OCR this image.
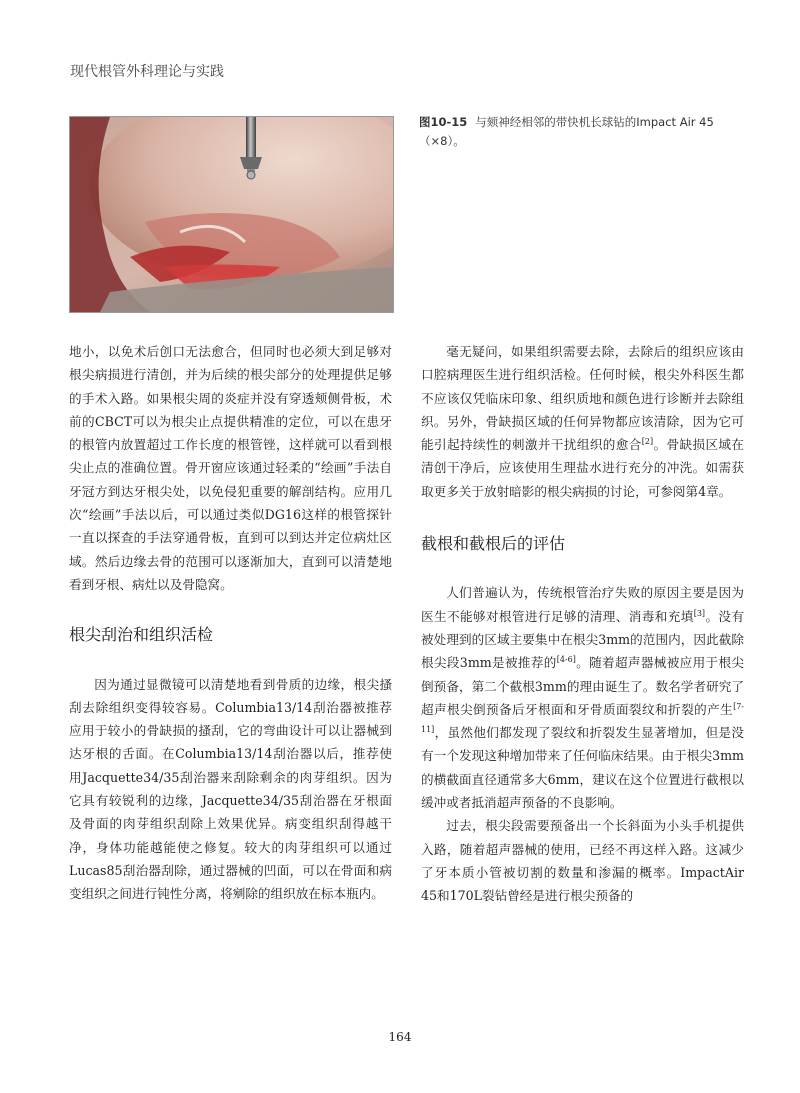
现代根管外科理论与实践
图10-15 与颏神经相邻的带快机长球钻的Impact Air 45（×8）。

地小，以免术后创口无法愈合，但同时也必须大到足够对根尖病损进行清创，并为后续的根尖部分的处理提供足够的手术入路。如果根尖周的炎症并没有穿透颊侧骨板，术前的CBCT可以为根尖止点提供精准的定位，可以在患牙的根管内放置超过工作长度的根管锉，这样就可以看到根尖止点的准确位置。骨开窗应该通过轻柔的“绘画”手法自牙冠方到达牙根尖处，以免侵犯重要的解剖结构。应用几次“绘画”手法以后，可以通过类似DG16这样的根管探针一直以探查的手法穿通骨板，直到可以到达并定位病灶区域。然后边缘去骨的范围可以逐渐加大，直到可以清楚地看到牙根、病灶以及骨隐窝。

根尖刮治和组织活检

因为通过显微镜可以清楚地看到骨质的边缘，根尖搔刮去除组织变得较容易。Columbia13/14刮治器被推荐应用于较小的骨缺损的搔刮，它的弯曲设计可以让器械到达牙根的舌面。在Columbia13/14刮治器以后，推荐使用Jacquette34/35刮治器来刮除剩余的肉芽组织。因为它具有较锐利的边缘，Jacquette34/35刮治器在牙根面及骨面的肉芽组织刮除上效果优异。病变组织刮得越干净，身体功能越能使之修复。较大的肉芽组织可以通过Lucas85刮治器刮除，通过器械的凹面，可以在骨面和病变组织之间进行钝性分离，将剜除的组织放在标本瓶内。

毫无疑问，如果组织需要去除，去除后的组织应该由口腔病理医生进行组织活检。任何时候，根尖外科医生都不应该仅凭临床印象、组织质地和颜色进行诊断并去除组织。另外，骨缺损区域的任何异物都应该清除，因为它可能引起持续性的刺激并干扰组织的愈合[2]。骨缺损区域在清创干净后，应该使用生理盐水进行充分的冲洗。如需获取更多关于放射暗影的根尖病损的讨论，可参阅第4章。

截根和截根后的评估

人们普遍认为，传统根管治疗失败的原因主要是因为医生不能够对根管进行足够的清理、消毒和充填[3]。没有被处理到的区域主要集中在根尖3mm的范围内，因此截除根尖段3mm是被推荐的[4-6]。随着超声器械被应用于根尖倒预备，第二个截根3mm的理由诞生了。数名学者研究了超声根尖倒预备后牙根面和牙骨质面裂纹和折裂的产生[7-11]，虽然他们都发现了裂纹和折裂发生显著增加，但是没有一个发现这种增加带来了任何临床结果。由于根尖3mm的横截面直径通常多大6mm，建议在这个位置进行截根以缓冲或者抵消超声预备的不良影响。

过去，根尖段需要预备出一个长斜面为小头手机提供入路，随着超声器械的使用，已经不再这样入路。这减少了牙本质小管被切割的数量和渗漏的概率。ImpactAir 45和170L裂钻曾经是进行根尖预备的

164
